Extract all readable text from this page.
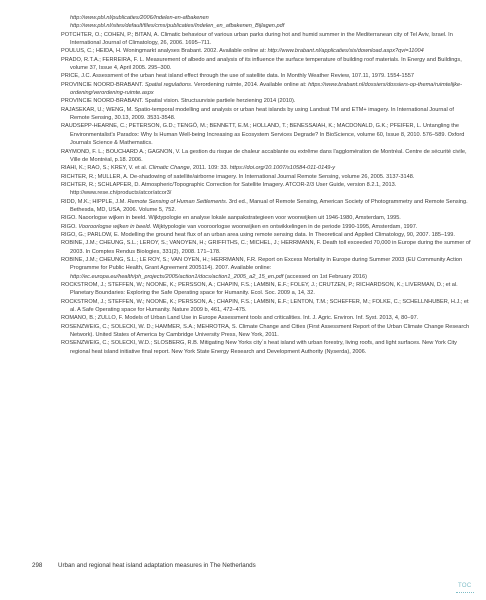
http://www.pbl.nl/publicaties/2006/Indelen-en-afbakenen

http://www.pbl.nl/sites/default/files/cms/publicaties/Indelen_en_afbakenen_Bijlagen.pdf

POTCHTER, O.; COHEN, P.; BITAN, A. Climatic behaviour of various urban parks during hot and humid summer in the Mediterranean city of Tel Aviv, Israel. In International Journal of Climatology, 26, 2006. 1695–711.

POULUS, C.; HEIDA, H. Woningmarkt analyses Brabant. 2002. Available online at: http://www.brabant.nl/applicaties/sis/download.aspx?qvi=11004

PRADO, R.T.A.; FERREIRA, F. L. Measurement of albedo and analysis of its influence the surface temperature of building roof materials. In Energy and Buildings, volume 37, Issue 4, April 2005. 295–300.

PRICE, J.C. Assessment of the urban heat island effect through the use of satellite data. In Monthly Weather Review, 107.11, 1979. 1554-1557

PROVINCIE NOORD-BRABANT. Spatial regulations. Verordening ruimte, 2014. Available online at: https://www.brabant.nl/dossiers/dossiers-op-thema/ruimtelijke-ordening/verordening-ruimte.aspx

PROVINCIE NOORD-BRABANT. Spatial vision. Structuurvisie partiele herziening 2014 (2010).

RAJASEKAR, U.; WENG, M. Spatio-temporal modelling and analysis or urban heat islands by using Landsat TM and ETM+ imagery. In International Journal of Remote Sensing, 30.13, 2009. 3531-3548.

RAUDSEPP-HEARNE, C.; PETERSON, G.D.; TENGÖ, M.; BENNETT, E.M.; HOLLAND, T.; BENESSAIAH, K.; MACDONALD, G.K.; PFEIFER, L. Untangling the Environmentalist’s Paradox: Why Is Human Well-being Increasing as Ecosystem Services Degrade? In BioScience, volume 60, Issue 8, 2010. 576–589. Oxford Journals Science & Mathematics.

RAYMOND, F. L.; BOUCHARD A.; GAGNON, V. La gestion du risque de chaleur accablante ou extrême dans l'agglomération de Montréal. Centre de sécurité civile, Ville de Montréal, p.18. 2006.

RIAHI, K.; RAO, S.; KREY, V. et al. Climatic Change, 2011. 109: 33. https://doi.org/10.1007/s10584-011-0149-y

RICHTER, R.; MULLER, A. De-shadowing of satellite/airborne imagery. In International Journal Remote Sensing, volume 26, 2005. 3137-3148.

RICHTER, R.; SCHLAPFER, D. Atmospheric/Topographic Correction for Satellite Imagery. ATCOR-2/3 User Guide, version 8.2.1, 2013. http://www.rese.ch/products/atcor/atcor3/

RIDD, M.K.; HIPPLE, J.M. Remote Sensing of Human Settlements. 3rd ed., Manual of Remote Sensing, American Society of Photogrammetry and Remote Sensing. Bethesda, MD, USA, 2006. Volume 5, 752.

RIGO. Naoorlogse wijken in beeld. Wijktypologie en analyse lokale aanpakstrategieen voor woonwijken uit 1946-1980, Amsterdam, 1995.

RIGO. Vooroorlogse wijken in beeld. Wijktypologie van vooroorlogse woonwijken en ontwikkelingen in de periode 1990-1995, Amsterdam, 1997.

RIGO, G.; PARLOW, E. Modelling the ground heat flux of an urban area using remote sensing data. In Theoretical and Applied Climatology, 90, 2007. 185–199.

ROBINE, J.M.; CHEUNG, S.L.; LEROY, S.; VANOYEN, H.; GRIFFITHS, C.; MICHEL, J.; HERRMANN, F. Death toll exceeded 70,000 in Europe during the summer of 2003. In Comptes Rendus Biologies, 331(2), 2008. 171–178.

ROBINE, J.M.; CHEUNG, S.L.; LE ROY, S.; VAN OYEN, H.; HERRMANN, F.R. Report on Excess Mortality in Europe during Summer 2003 (EU Community Action Programme for Public Health, Grant Agreement 2005114). 2007. Available online: http://ec.europa.eu/health/ph_projects/2005/action1/docs/action1_2005_a2_15_en.pdf (accessed on 1st February 2016)

ROCKSTROM, J.; STEFFEN, W.; NOONE, K.; PERSSON, A.; CHAPIN, F.S.; LAMBIN, E.F.; FOLEY, J.; CRUTZEN, P.; RICHARDSON, K.; LIVERMAN, D.; et al. Planetary Boundaries: Exploring the Safe Operating space for Humanity. Ecol. Soc. 2009 a, 14, 32.

ROCKSTROM, J.; STEFFEN, W.; NOONE, K.; PERSSON, A.; CHAPIN, F.S.; LAMBIN, E.F.; LENTON, T.M.; SCHEFFER, M.; FOLKE, C.; SCHELLNHUBER, H.J.; et al. A Safe Operating space for Humanity. Nature 2009 b, 461, 472–475.

ROMANO, B.; ZULLO, F. Models of Urban Land Use in Europe Assessment tools and criticalities. Int. J. Agric. Environ. Inf. Syst. 2013, 4, 80–97.

ROSENZWEIG, C.; SOLECKI, W. D.; HAMMER, S.A.; MEHROTRA, S. Climate Change and Cities (First Assessment Report of the Urban Climate Change Research Network). United States of America by Cambridge University Press, New York, 2011.

ROSENZWEIG, C.; SOLECKI, W.D.; SLOSBERG, R.B. Mitigating New Yorks city´s heat island with urban forestry, living roofs, and light surfaces. New York City regional heat island initiative final report. New York State Energy Research and Development Authority (Nyserda), 2006.

298	Urban and regional heat island adaptation measures in The Netherlands
TOC
